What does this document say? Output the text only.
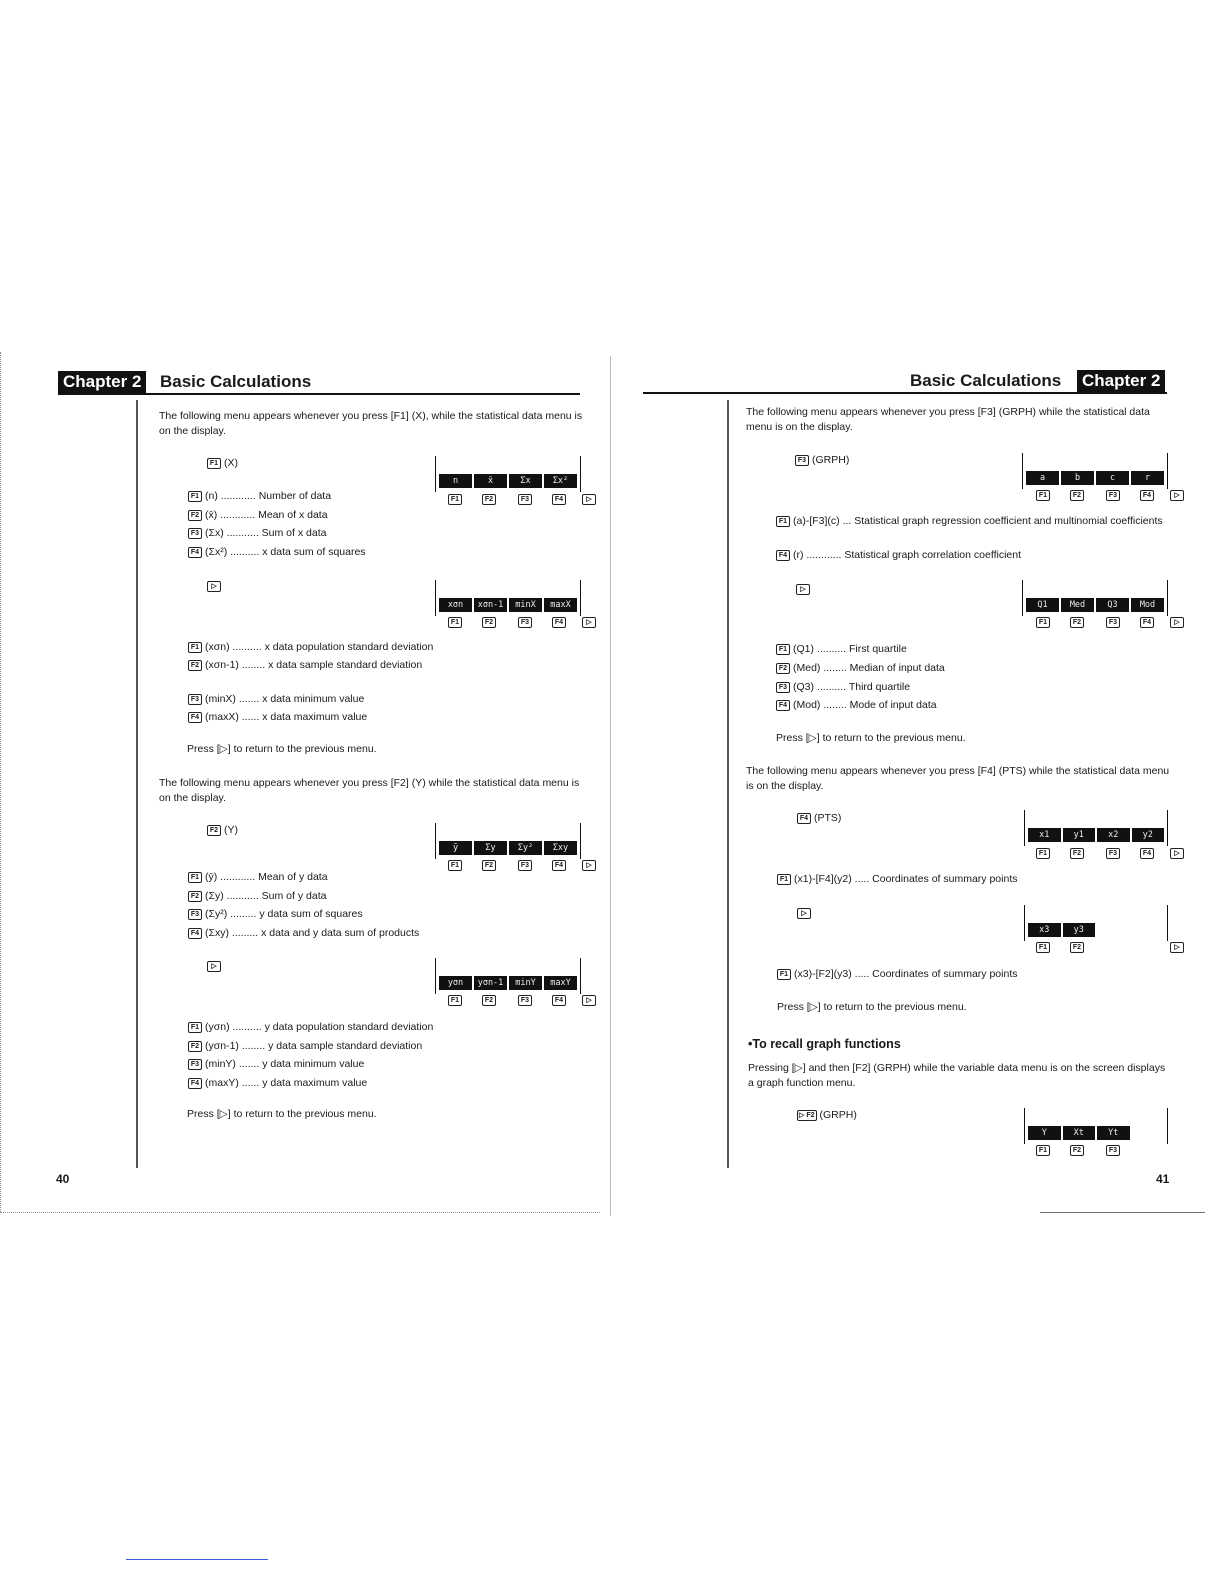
Chapter 2 Basic Calculations
The following menu appears whenever you press [F1] (X), while the statistical data menu is on the display.
F1 (X)
n	x̄	Σx	Σx²
F1	F2	F3	F4	▷
F1 (n) ............ Number of data
F2 (x̄) ............ Mean of x data
F3 (Σx) ........... Sum of x data
F4 (Σx²) .......... x data sum of squares
▷
xσn	xσn-1	minX	maxX
F1	F2	F3	F4	▷
F1 (xσn) .......... x data population standard deviation
F2 (xσn-1) ........ x data sample standard deviation
F3 (minX) ....... x data minimum value
F4 (maxX) ...... x data maximum value
Press [▷] to return to the previous menu.
The following menu appears whenever you press [F2] (Y) while the statistical data menu is on the display.
F2 (Y)
ȳ	Σy	Σy²	Σxy
F1	F2	F3	F4	▷
F1 (ȳ) ............ Mean of y data
F2 (Σy) ........... Sum of y data
F3 (Σy²) ......... y data sum of squares
F4 (Σxy) ......... x data and y data sum of products
▷
yσn	yσn-1	minY	maxY
F1	F2	F3	F4	▷
F1 (yσn) .......... y data population standard deviation
F2 (yσn-1) ........ y data sample standard deviation
F3 (minY) ....... y data minimum value
F4 (maxY) ...... y data maximum value
Press [▷] to return to the previous menu.
40
Basic Calculations Chapter 2
The following menu appears whenever you press [F3] (GRPH) while the statistical data menu is on the display.
F3 (GRPH)
a	b	c	r
F1	F2	F3	F4	▷
F1 (a)-[F3](c) ... Statistical graph regression coefficient and multinomial coefficients
F4 (r) ............ Statistical graph correlation coefficient
▷
Q1	Med	Q3	Mod
F1	F2	F3	F4	▷
F1 (Q1) .......... First quartile
F2 (Med) ........ Median of input data
F3 (Q3) .......... Third quartile
F4 (Mod) ........ Mode of input data
Press [▷] to return to the previous menu.
The following menu appears whenever you press [F4] (PTS) while the statistical data menu is on the display.
F4 (PTS)
x1	y1	x2	y2
F1	F2	F3	F4	▷
F1 (x1)-[F4](y2) ..... Coordinates of summary points
▷
x3	y3
F1	F2	▷
F1 (x3)-[F2](y3) ..... Coordinates of summary points
Press [▷] to return to the previous menu.
•To recall graph functions
Pressing [▷] and then [F2] (GRPH) while the variable data menu is on the screen displays a graph function menu.
▷ F2 (GRPH)
Y	Xt	Yt
F1	F2	F3
41
